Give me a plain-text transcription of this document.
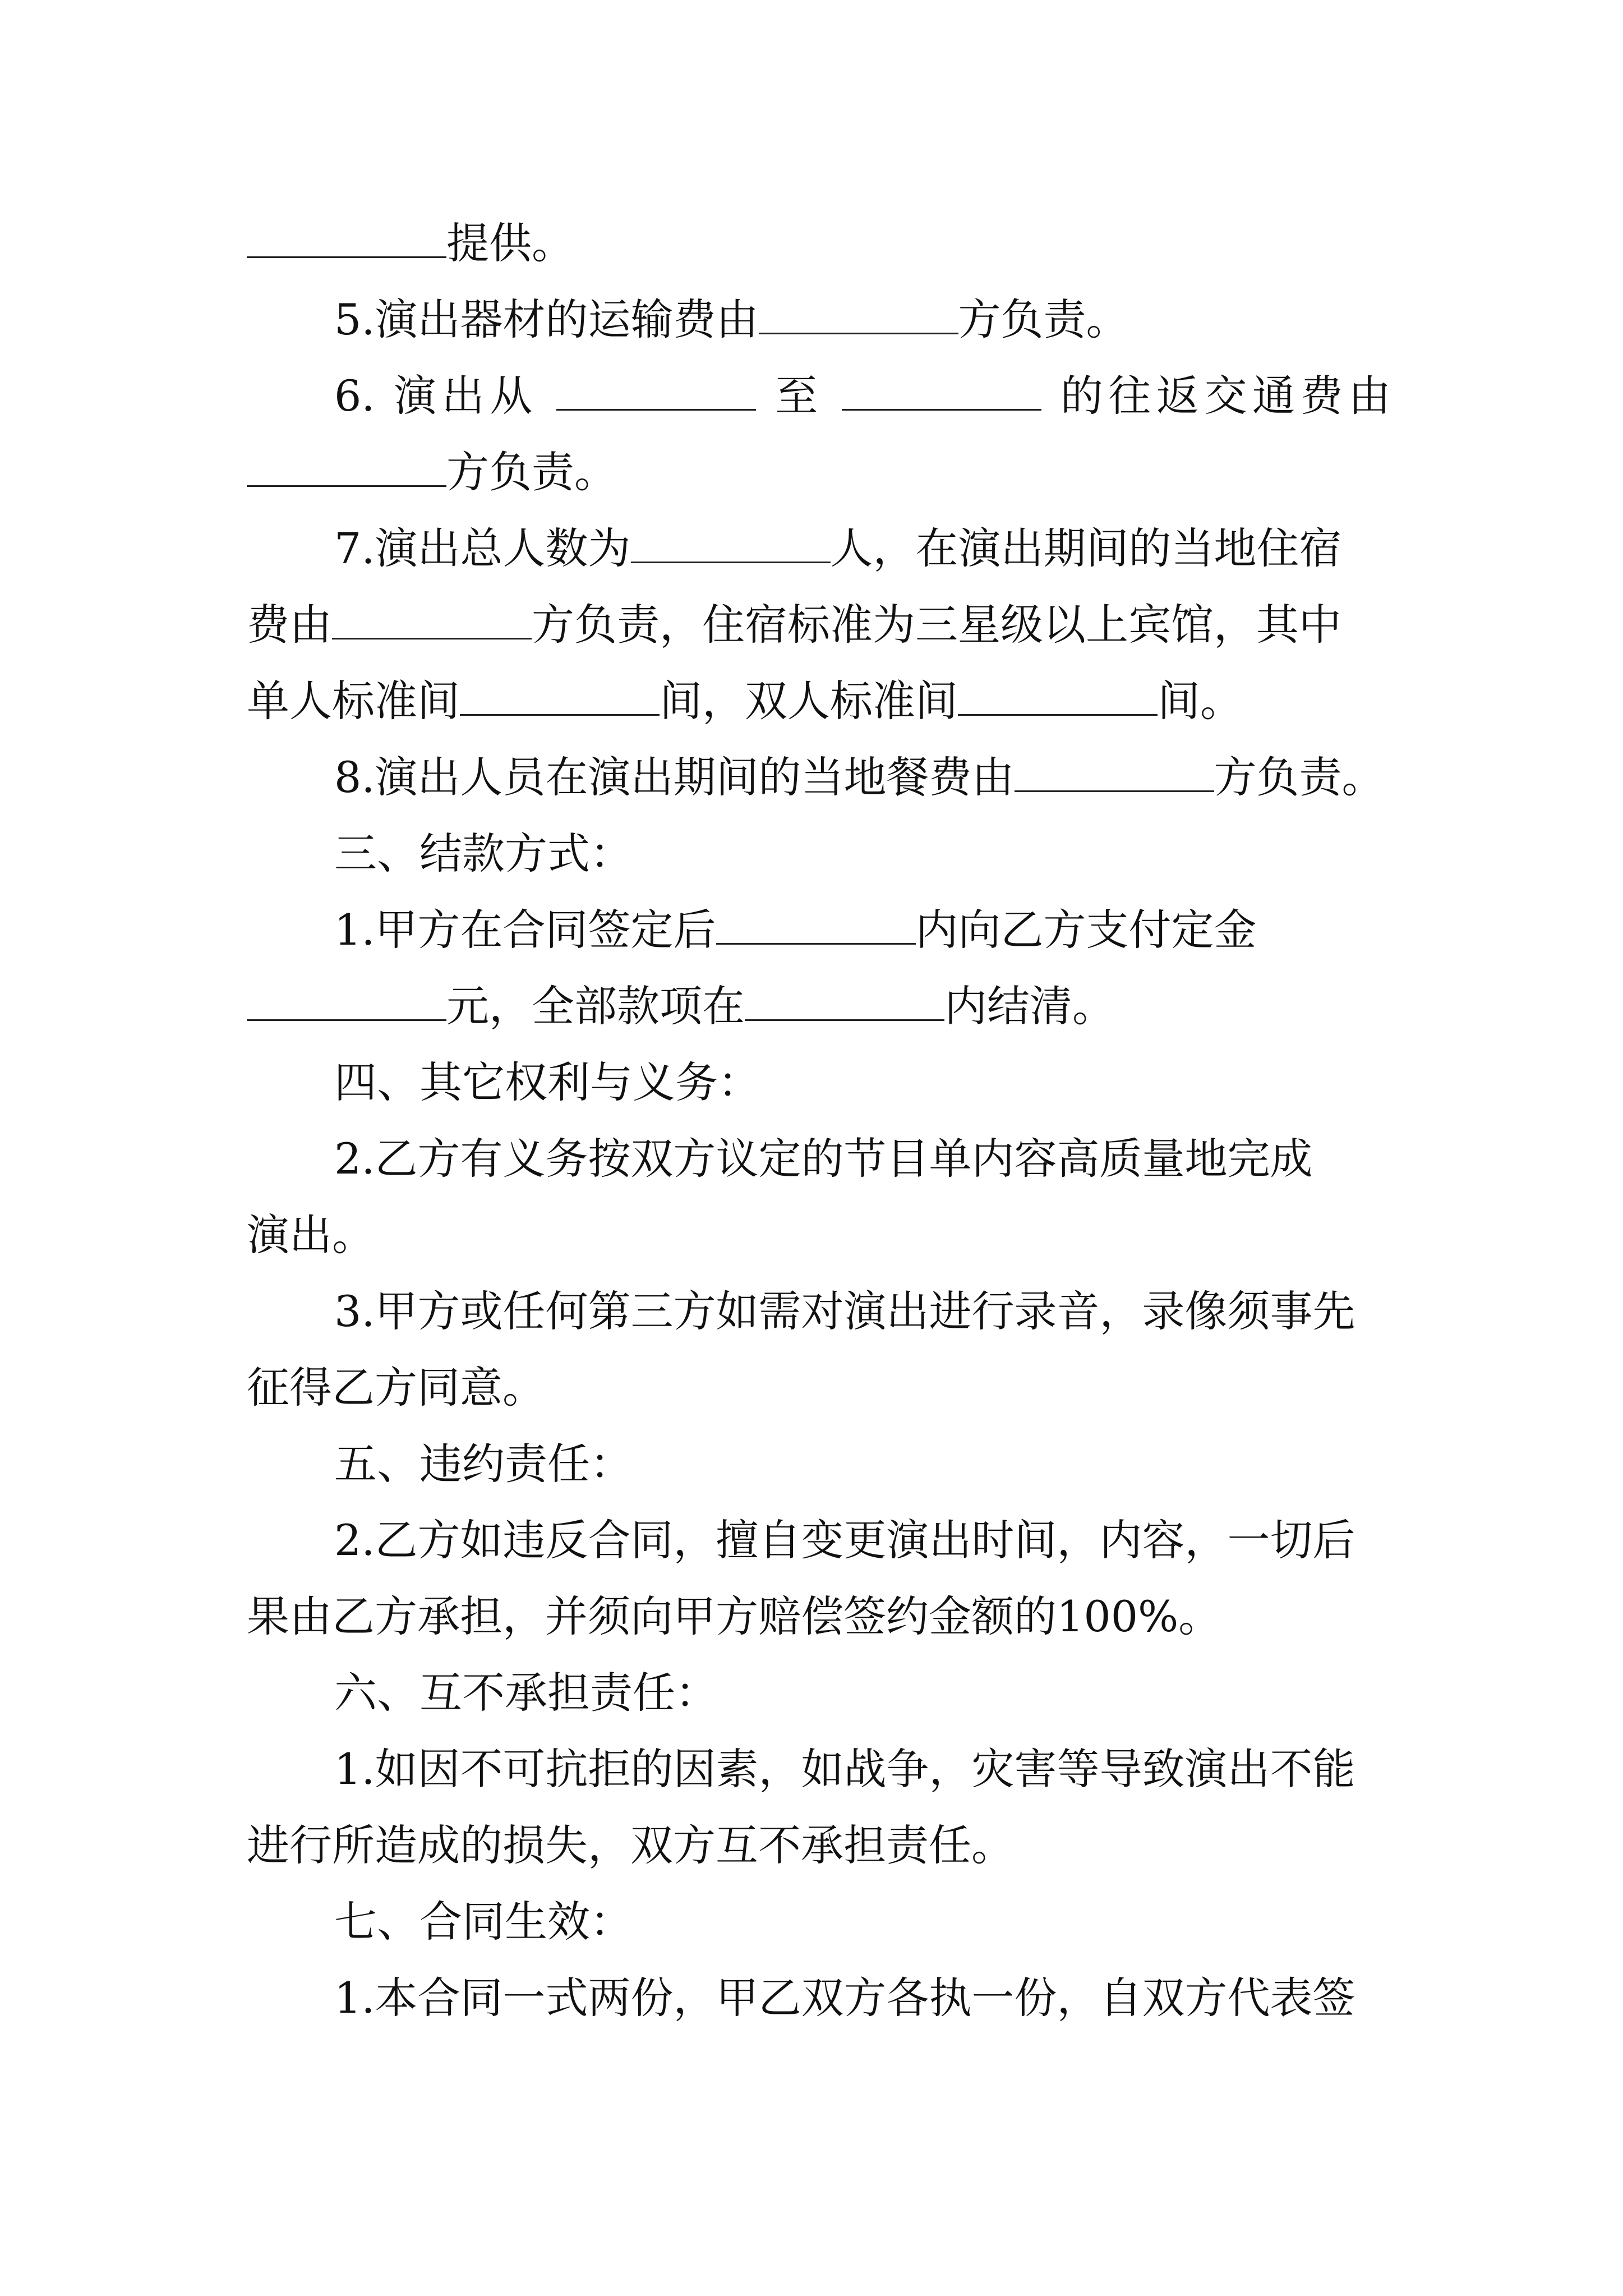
提供。
5.演出器材的运输费由	方负责。
6. 演出从	至	的往返交通费由
方负责。
7.演出总人数为	人，在演出期间的当地住宿
费由	方负责，住宿标准为三星级以上宾馆，其中
单人标准间	间，双人标准间	间。
8.演出人员在演出期间的当地餐费由	方负责。
三、结款方式：
1.甲方在合同签定后	内向乙方支付定金
元，全部款项在	内结清。
四、其它权利与义务：
2.乙方有义务按双方议定的节目单内容高质量地完成
演出。
3.甲方或任何第三方如需对演出进行录音，录像须事先
征得乙方同意。
五、违约责任：
2.乙方如违反合同，擅自变更演出时间，内容，一切后
果由乙方承担，并须向甲方赔偿签约金额的100%。
六、互不承担责任：
1.如因不可抗拒的因素，如战争，灾害等导致演出不能
进行所造成的损失，双方互不承担责任。
七、合同生效：
1.本合同一式两份，甲乙双方各执一份，自双方代表签
